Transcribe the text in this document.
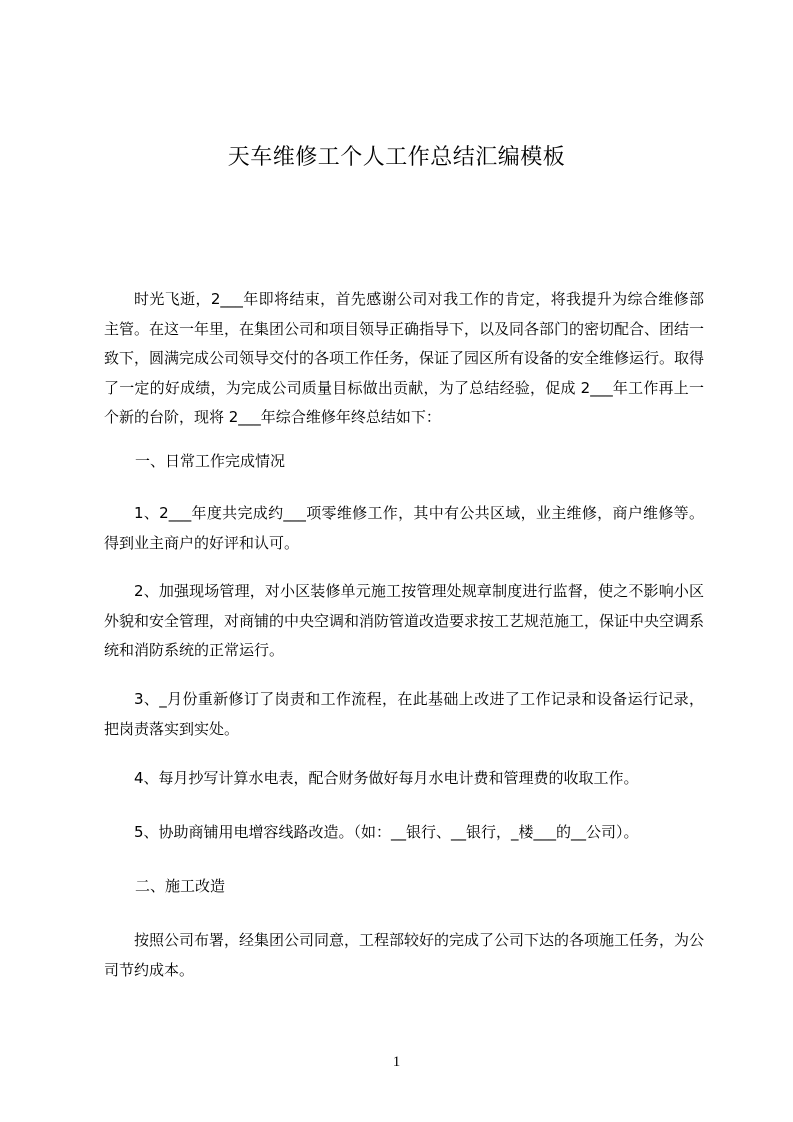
天车维修工个人工作总结汇编模板
时光飞逝，2___年即将结束，首先感谢公司对我工作的肯定，将我提升为综合维修部主管。在这一年里，在集团公司和项目领导正确指导下，以及同各部门的密切配合、团结一致下，圆满完成公司领导交付的各项工作任务，保证了园区所有设备的安全维修运行。取得了一定的好成绩，为完成公司质量目标做出贡献，为了总结经验，促成 2___年工作再上一个新的台阶，现将 2___年综合维修年终总结如下：
一、日常工作完成情况
1、2___年度共完成约___项零维修工作，其中有公共区域，业主维修，商户维修等。得到业主商户的好评和认可。
2、加强现场管理，对小区装修单元施工按管理处规章制度进行监督，使之不影响小区外貌和安全管理，对商铺的中央空调和消防管道改造要求按工艺规范施工，保证中央空调系统和消防系统的正常运行。
3、_月份重新修订了岗责和工作流程，在此基础上改进了工作记录和设备运行记录，把岗责落实到实处。
4、每月抄写计算水电表，配合财务做好每月水电计费和管理费的收取工作。
5、协助商铺用电增容线路改造。（如：__银行、__银行，_楼___的__公司）。
二、施工改造
按照公司布署，经集团公司同意，工程部较好的完成了公司下达的各项施工任务，为公司节约成本。
1
